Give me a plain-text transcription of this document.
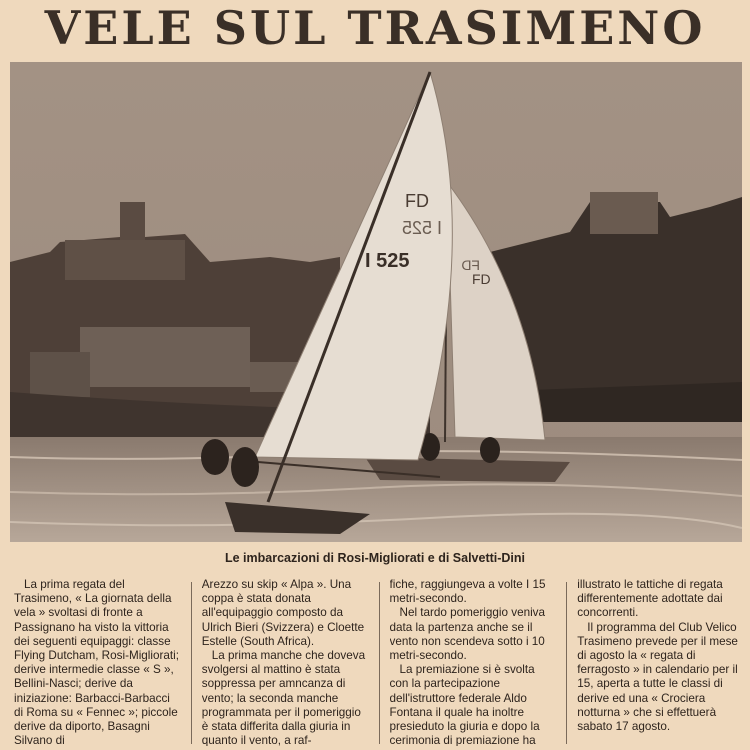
VELE SUL TRASIMENO
FD
FD
FD
I 525
I 525
Le imbarcazioni di Rosi-Migliorati e di Salvetti-Dini

La prima regata del Trasimeno, « La giornata della vela » svoltasi di fronte a Passignano ha visto la vittoria dei seguenti equipaggi: classe Flying Dutcham, Rosi-Migliorati; derive intermedie classe « S », Bellini-Nasci; derive da iniziazione: Barbacci-Barbacci di Roma su « Fennec »; piccole derive da diporto, Basagni Silvano di

Arezzo su skip « Alpa ». Una coppa è stata donata all'equipaggio composto da Ulrich Bieri (Svizzera) e Cloette Estelle (South Africa).

La prima manche che doveva svolgersi al mattino è stata soppressa per amncanza di vento; la seconda manche programmata per il pomeriggio è stata differita dalla giuria in quanto il vento, a raf-

fiche, raggiungeva a volte I 15 metri-secondo.

Nel tardo pomeriggio veniva data la partenza anche se il vento non scendeva sotto i 10 metri-secondo.

La premiazione si è svolta con la partecipazione dell'istruttore federale Aldo Fontana il quale ha inoltre presieduto la giuria e dopo la cerimonia di premiazione ha

illustrato le tattiche di regata differentemente adottate dai concorrenti.

Il programma del Club Velico Trasimeno prevede per il mese di agosto la « regata di ferragosto » in calendario per il 15, aperta a tutte le classi di derive ed una « Crociera notturna » che si effettuerà sabato 17 agosto.
